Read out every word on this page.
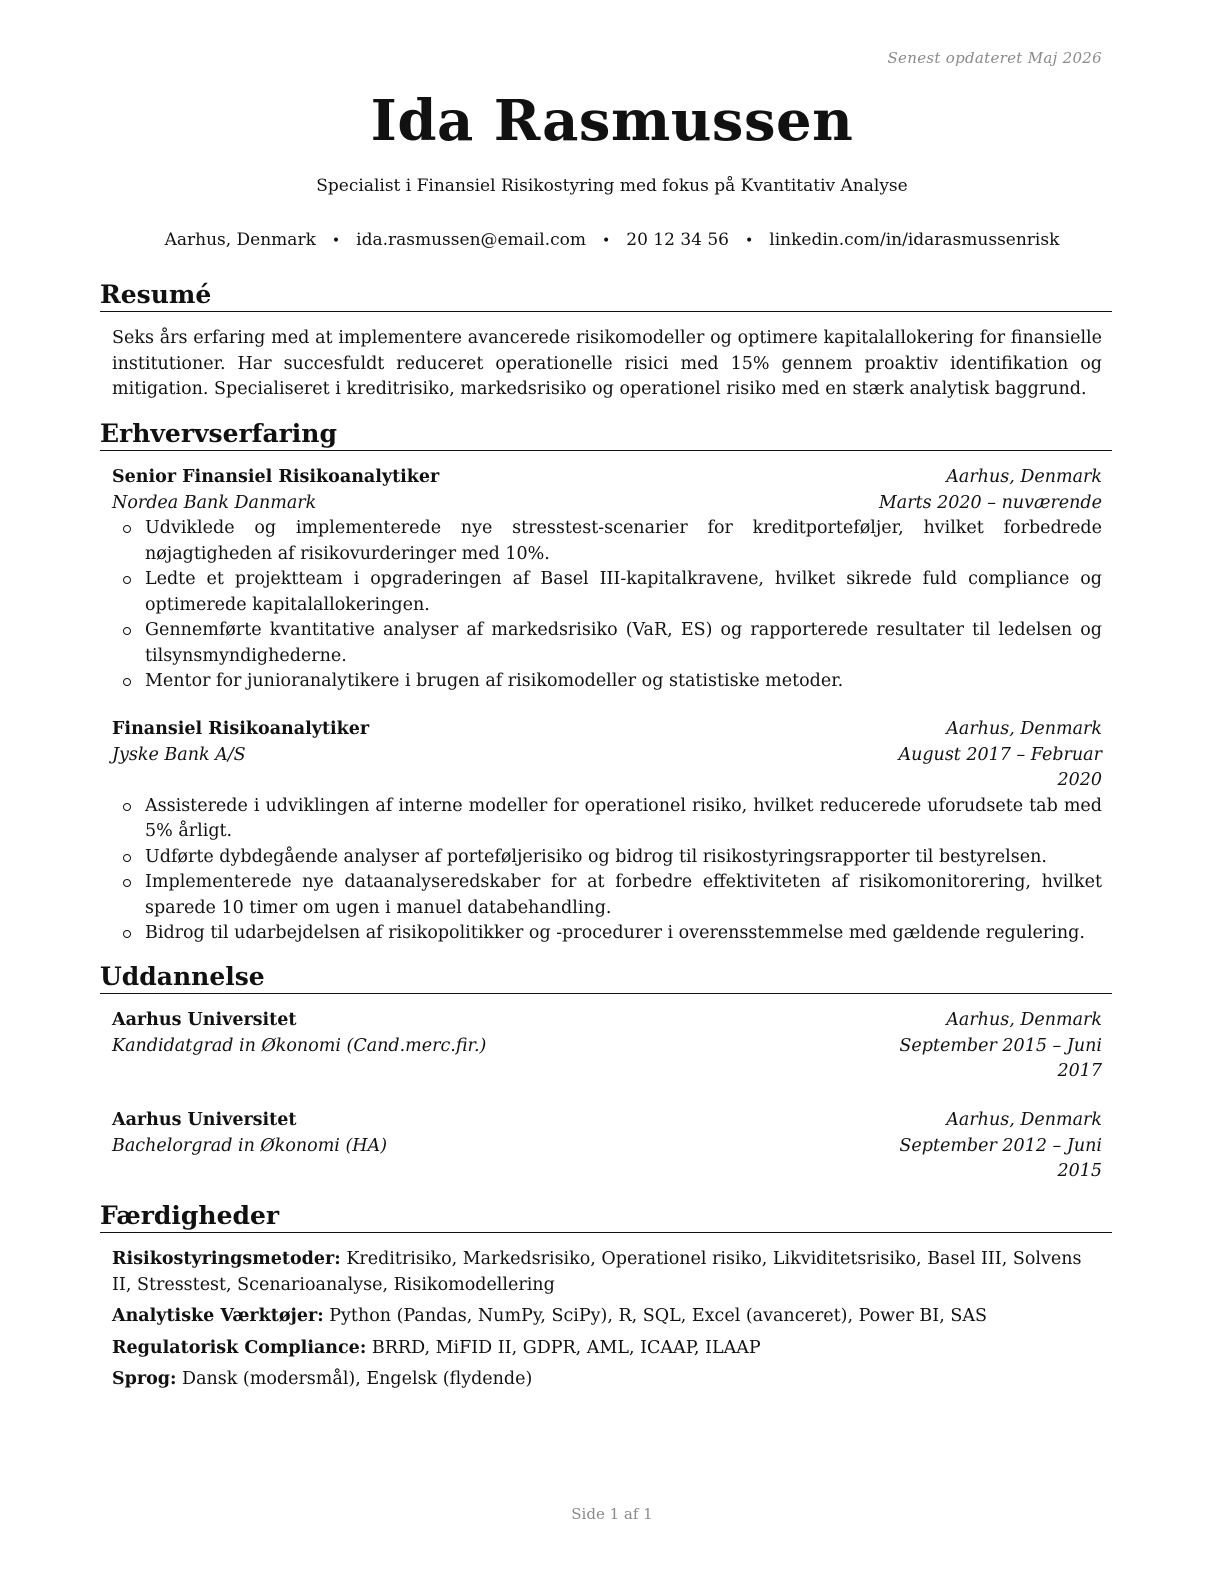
Senest opdateret Maj 2026
Ida Rasmussen
Specialist i Finansiel Risikostyring med fokus på Kvantitativ Analyse
Aarhus, Denmark • ida.rasmussen@email.com • 20 12 34 56 • linkedin.com/in/idarasmussenrisk
Resumé
Seks års erfaring med at implementere avancerede risikomodeller og optimere kapitalallokering for finansielle institutioner. Har succesfuldt reduceret operationelle risici med 15% gennem proaktiv identifikation og mitigation. Specialiseret i kreditrisiko, markedsrisiko og operationel risiko med en stærk analytisk baggrund.
Erhvervserfaring
Senior Finansiel Risikoanalytiker	Aarhus, Denmark
Nordea Bank Danmark	Marts 2020 – nuværende
Udviklede og implementerede nye stresstest-scenarier for kreditporteføljer, hvilket forbedrede nøjagtigheden af risikovurderinger med 10%.
Ledte et projektteam i opgraderingen af Basel III-kapitalkravene, hvilket sikrede fuld compliance og optimerede kapitalallokeringen.
Gennemførte kvantitative analyser af markedsrisiko (VaR, ES) og rapporterede resultater til ledelsen og tilsynsmyndighederne.
Mentor for junioranalytikere i brugen af risikomodeller og statistiske metoder.
Finansiel Risikoanalytiker	Aarhus, Denmark
Jyske Bank A/S	August 2017 – Februar 2020
Assisterede i udviklingen af interne modeller for operationel risiko, hvilket reducerede uforudsete tab med 5% årligt.
Udførte dybdegående analyser af porteføljerisiko og bidrog til risikostyringsrapporter til bestyrelsen.
Implementerede nye dataanalyseredskaber for at forbedre effektiviteten af risikomonitorering, hvilket sparede 10 timer om ugen i manuel databehandling.
Bidrog til udarbejdelsen af risikopolitikker og -procedurer i overensstemmelse med gældende regulering.
Uddannelse
Aarhus Universitet	Aarhus, Denmark
Kandidatgrad in Økonomi (Cand.merc.fir.)	September 2015 – Juni 2017
Aarhus Universitet	Aarhus, Denmark
Bachelorgrad in Økonomi (HA)	September 2012 – Juni 2015
Færdigheder
Risikostyringsmetoder: Kreditrisiko, Markedsrisiko, Operationel risiko, Likviditetsrisiko, Basel III, Solvens II, Stresstest, Scenarioanalyse, Risikomodellering
Analytiske Værktøjer: Python (Pandas, NumPy, SciPy), R, SQL, Excel (avanceret), Power BI, SAS
Regulatorisk Compliance: BRRD, MiFID II, GDPR, AML, ICAAP, ILAAP
Sprog: Dansk (modersmål), Engelsk (flydende)
Side 1 af 1
